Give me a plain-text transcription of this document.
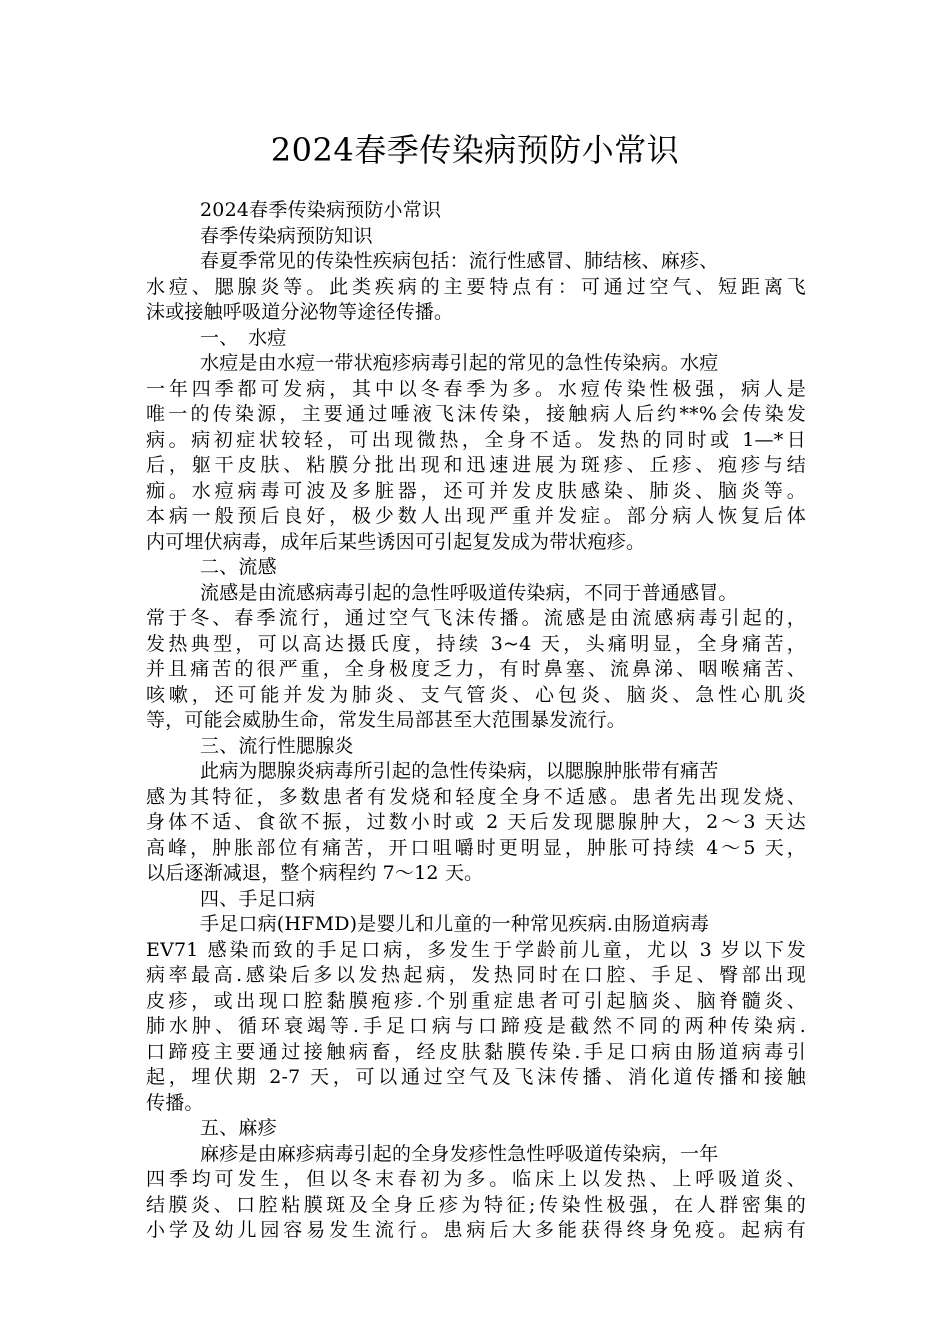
2024春季传染病预防小常识
2024春季传染病预防小常识
春季传染病预防知识
春夏季常见的传染性疾病包括：流行性感冒、肺结核、麻疹、
水痘、腮腺炎等。此类疾病的主要特点有：可通过空气、短距离飞
沫或接触呼吸道分泌物等途径传播。
一、　水痘
水痘是由水痘一带状疱疹病毒引起的常见的急性传染病。水痘
一年四季都可发病，其中以冬春季为多。水痘传染性极强，病人是
唯一的传染源，主要通过唾液飞沫传染，接触病人后约**%会传染发
病。病初症状较轻，可出现微热，全身不适。发热的同时或 1—*日
后，躯干皮肤、粘膜分批出现和迅速进展为斑疹、丘疹、疱疹与结
痂。水痘病毒可波及多脏器，还可并发皮肤感染、肺炎、脑炎等。
本病一般预后良好，极少数人出现严重并发症。部分病人恢复后体
内可埋伏病毒，成年后某些诱因可引起复发成为带状疱疹。
二、流感
流感是由流感病毒引起的急性呼吸道传染病，不同于普通感冒。
常于冬、春季流行，通过空气飞沫传播。流感是由流感病毒引起的，
发热典型，可以高达摄氏度，持续 3~4 天，头痛明显，全身痛苦，
并且痛苦的很严重，全身极度乏力，有时鼻塞、流鼻涕、咽喉痛苦、
咳嗽，还可能并发为肺炎、支气管炎、心包炎、脑炎、急性心肌炎
等，可能会威胁生命，常发生局部甚至大范围暴发流行。
三、流行性腮腺炎
此病为腮腺炎病毒所引起的急性传染病，以腮腺肿胀带有痛苦
感为其特征，多数患者有发烧和轻度全身不适感。患者先出现发烧、
身体不适、食欲不振，过数小时或 2 天后发现腮腺肿大，2～3 天达
高峰，肿胀部位有痛苦，开口咀嚼时更明显，肿胀可持续 4～5 天，
以后逐渐减退，整个病程约 7～12 天。
四、手足口病
手足口病(HFMD)是婴儿和儿童的一种常见疾病.由肠道病毒
EV71 感染而致的手足口病，多发生于学龄前儿童，尤以 3 岁以下发
病率最高.感染后多以发热起病，发热同时在口腔、手足、臀部出现
皮疹，或出现口腔黏膜疱疹.个别重症患者可引起脑炎、脑脊髓炎、
肺水肿、循环衰竭等.手足口病与口蹄疫是截然不同的两种传染病.
口蹄疫主要通过接触病畜，经皮肤黏膜传染.手足口病由肠道病毒引
起，埋伏期 2-7 天，可以通过空气及飞沫传播、消化道传播和接触
传播。
五、麻疹
麻疹是由麻疹病毒引起的全身发疹性急性呼吸道传染病，一年
四季均可发生，但以冬末春初为多。临床上以发热、上呼吸道炎、
结膜炎、口腔粘膜斑及全身丘疹为特征;传染性极强，在人群密集的
小学及幼儿园容易发生流行。患病后大多能获得终身免疫。起病有
